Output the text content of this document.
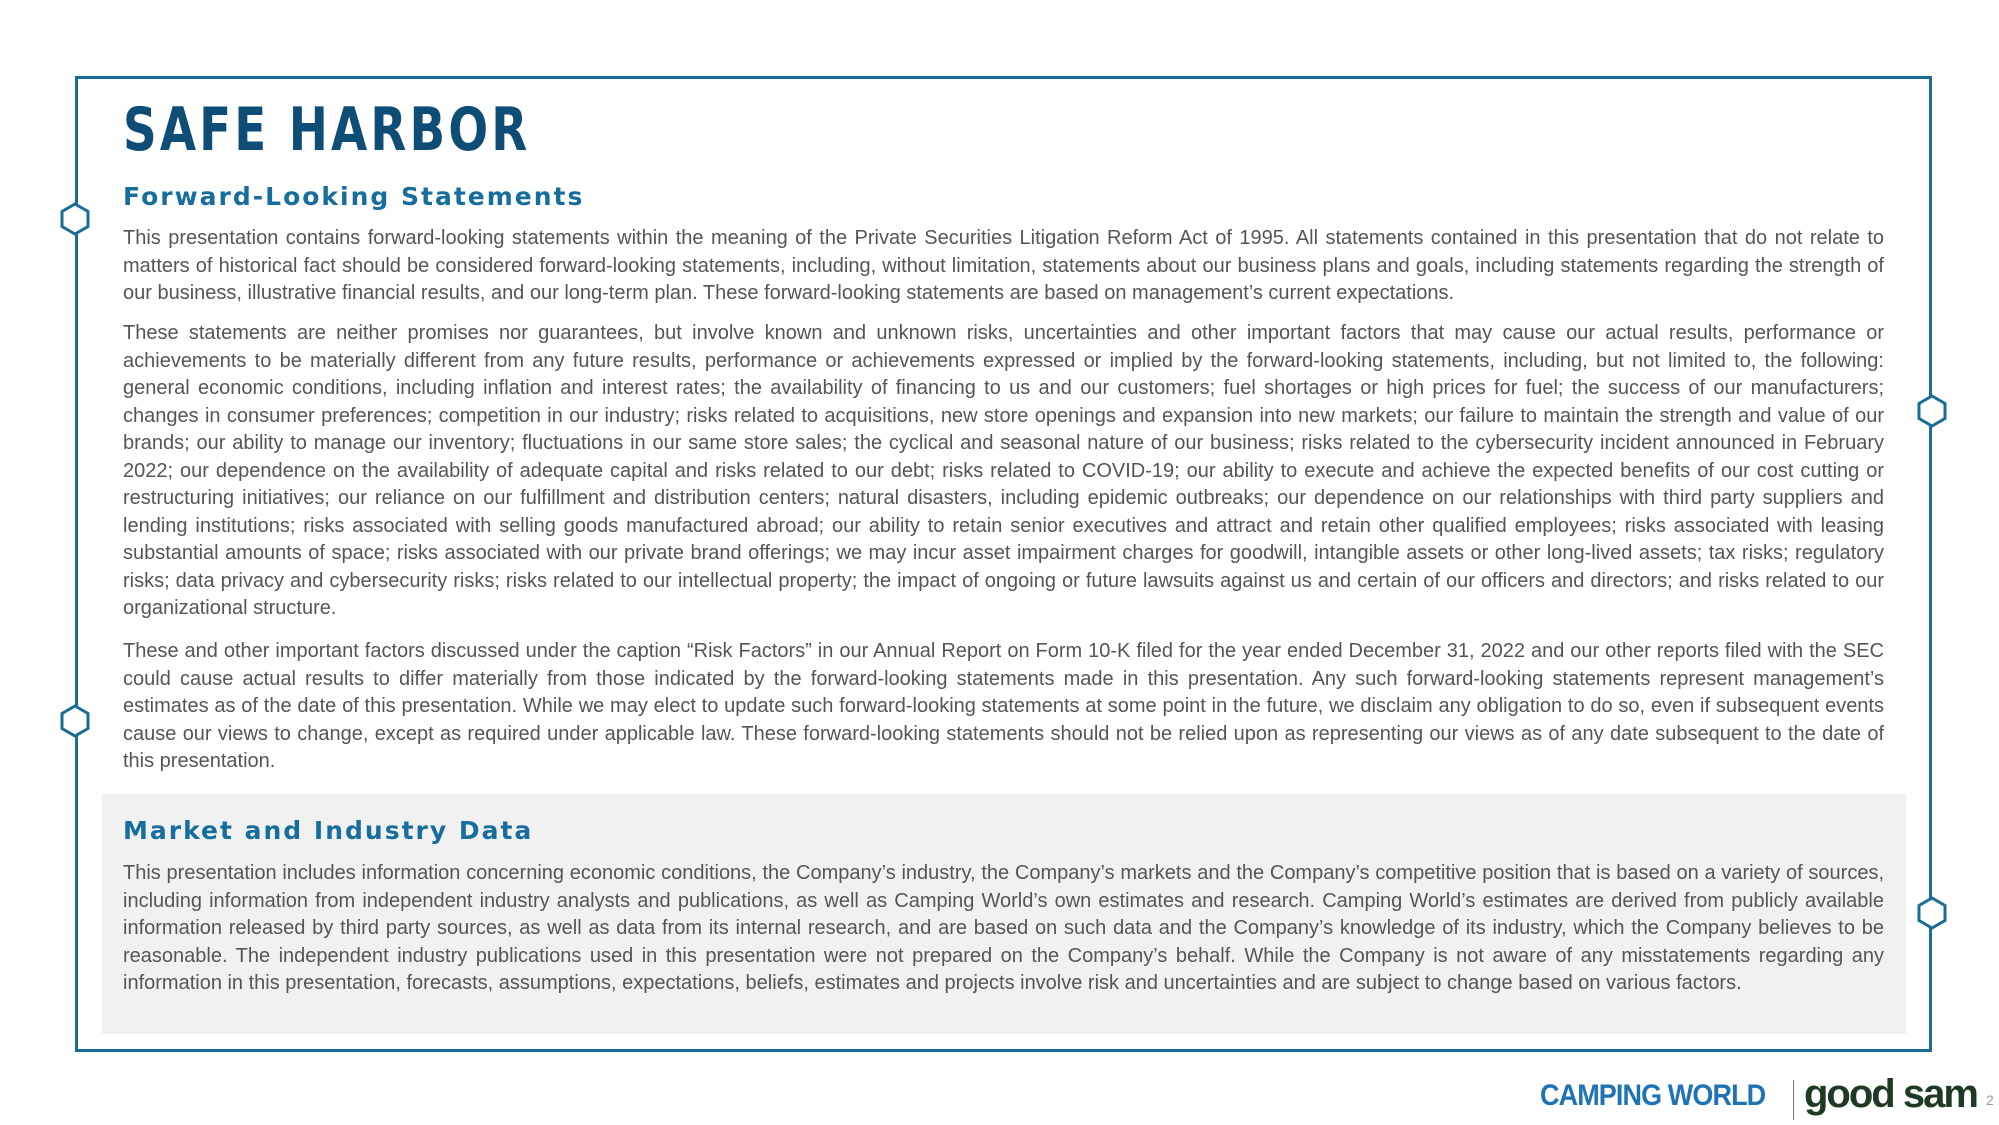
SAFE HARBOR
Forward-Looking Statements

This presentation contains forward-looking statements within the meaning of the Private Securities Litigation Reform Act of 1995. All statements contained in this presentation that do not relate to matters of historical fact should be considered forward-looking statements, including, without limitation, statements about our business plans and goals, including statements regarding the strength of our business, illustrative financial results, and our long-term plan. These forward-looking statements are based on management’s current expectations.

These statements are neither promises nor guarantees, but involve known and unknown risks, uncertainties and other important factors that may cause our actual results, performance or achievements to be materially different from any future results, performance or achievements expressed or implied by the forward-looking statements, including, but not limited to, the following: general economic conditions, including inflation and interest rates; the availability of financing to us and our customers; fuel shortages or high prices for fuel; the success of our manufacturers; changes in consumer preferences; competition in our industry; risks related to acquisitions, new store openings and expansion into new markets; our failure to maintain the strength and value of our brands; our ability to manage our inventory; fluctuations in our same store sales; the cyclical and seasonal nature of our business; risks related to the cybersecurity incident announced in February 2022; our dependence on the availability of adequate capital and risks related to our debt; risks related to COVID-19; our ability to execute and achieve the expected benefits of our cost cutting or restructuring initiatives; our reliance on our fulfillment and distribution centers; natural disasters, including epidemic outbreaks; our dependence on our relationships with third party suppliers and lending institutions; risks associated with selling goods manufactured abroad; our ability to retain senior executives and attract and retain other qualified employees; risks associated with leasing substantial amounts of space; risks associated with our private brand offerings; we may incur asset impairment charges for goodwill, intangible assets or other long-lived assets; tax risks; regulatory risks; data privacy and cybersecurity risks; risks related to our intellectual property; the impact of ongoing or future lawsuits against us and certain of our officers and directors; and risks related to our organizational structure.

These and other important factors discussed under the caption “Risk Factors” in our Annual Report on Form 10-K filed for the year ended December 31, 2022 and our other reports filed with the SEC could cause actual results to differ materially from those indicated by the forward-looking statements made in this presentation. Any such forward-looking statements represent management’s estimates as of the date of this presentation. While we may elect to update such forward-looking statements at some point in the future, we disclaim any obligation to do so, even if subsequent events cause our views to change, except as required under applicable law. These forward-looking statements should not be relied upon as representing our views as of any date subsequent to the date of this presentation.

Market and Industry Data

This presentation includes information concerning economic conditions, the Company’s industry, the Company’s markets and the Company’s competitive position that is based on a variety of sources, including information from independent industry analysts and publications, as well as Camping World’s own estimates and research. Camping World’s estimates are derived from publicly available information released by third party sources, as well as data from its internal research, and are based on such data and the Company’s knowledge of its industry, which the Company believes to be reasonable. The independent industry publications used in this presentation were not prepared on the Company’s behalf. While the Company is not aware of any misstatements regarding any information in this presentation, forecasts, assumptions, expectations, beliefs, estimates and projects involve risk and uncertainties and are subject to change based on various factors.

CAMPING WORLD good sam 2
